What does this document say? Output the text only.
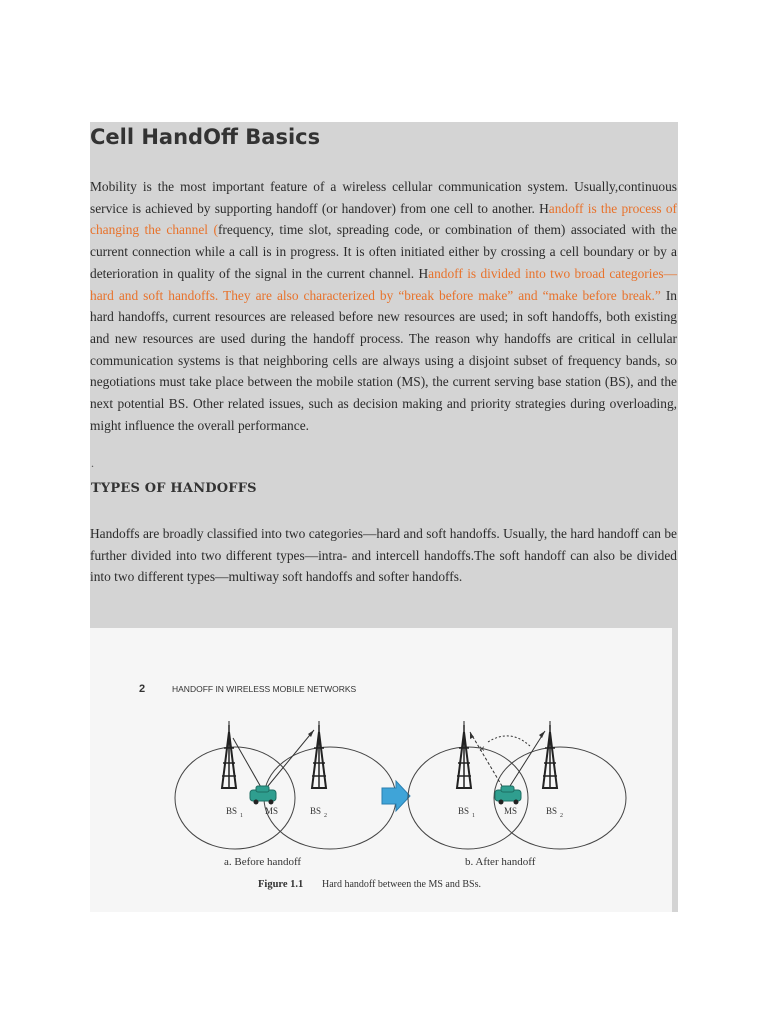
Cell HandOff Basics

Mobility is the most important feature of a wireless cellular communication system. Usually,continuous service is achieved by supporting handoff (or handover) from one cell to another. Handoff is the process of changing the channel (frequency, time slot, spreading code, or combination of them) associated with the current connection while a call is in progress. It is often initiated either by crossing a cell boundary or by a deterioration in quality of the signal in the current channel. Handoff is divided into two broad categories— hard and soft handoffs. They are also characterized by “break before make” and “make before break.” In hard handoffs, current resources are released before new resources are used; in soft handoffs, both existing and new resources are used during the handoff process. The reason why handoffs are critical in cellular communication systems is that neighboring cells are always using a disjoint subset of frequency bands, so negotiations must take place between the mobile station (MS), the current serving base station (BS), and the next potential BS. Other related issues, such as decision making and priority strategies during overloading, might influence the overall performance.

.
TYPES OF HANDOFFS

Handoffs are broadly classified into two categories—hard and soft handoffs. Usually, the hard handoff can be further divided into two different types—intra- and intercell handoffs.The soft handoff can also be divided into two different types—multiway soft handoffs and softer handoffs.

2	HANDOFF IN WIRELESS MOBILE NETWORKS
BS 1 MS	BS 2
×
BS 1	MS	BS 2
a. Before handoff	b. After handoff
Figure 1.1 Hard handoff between the MS and BSs.
